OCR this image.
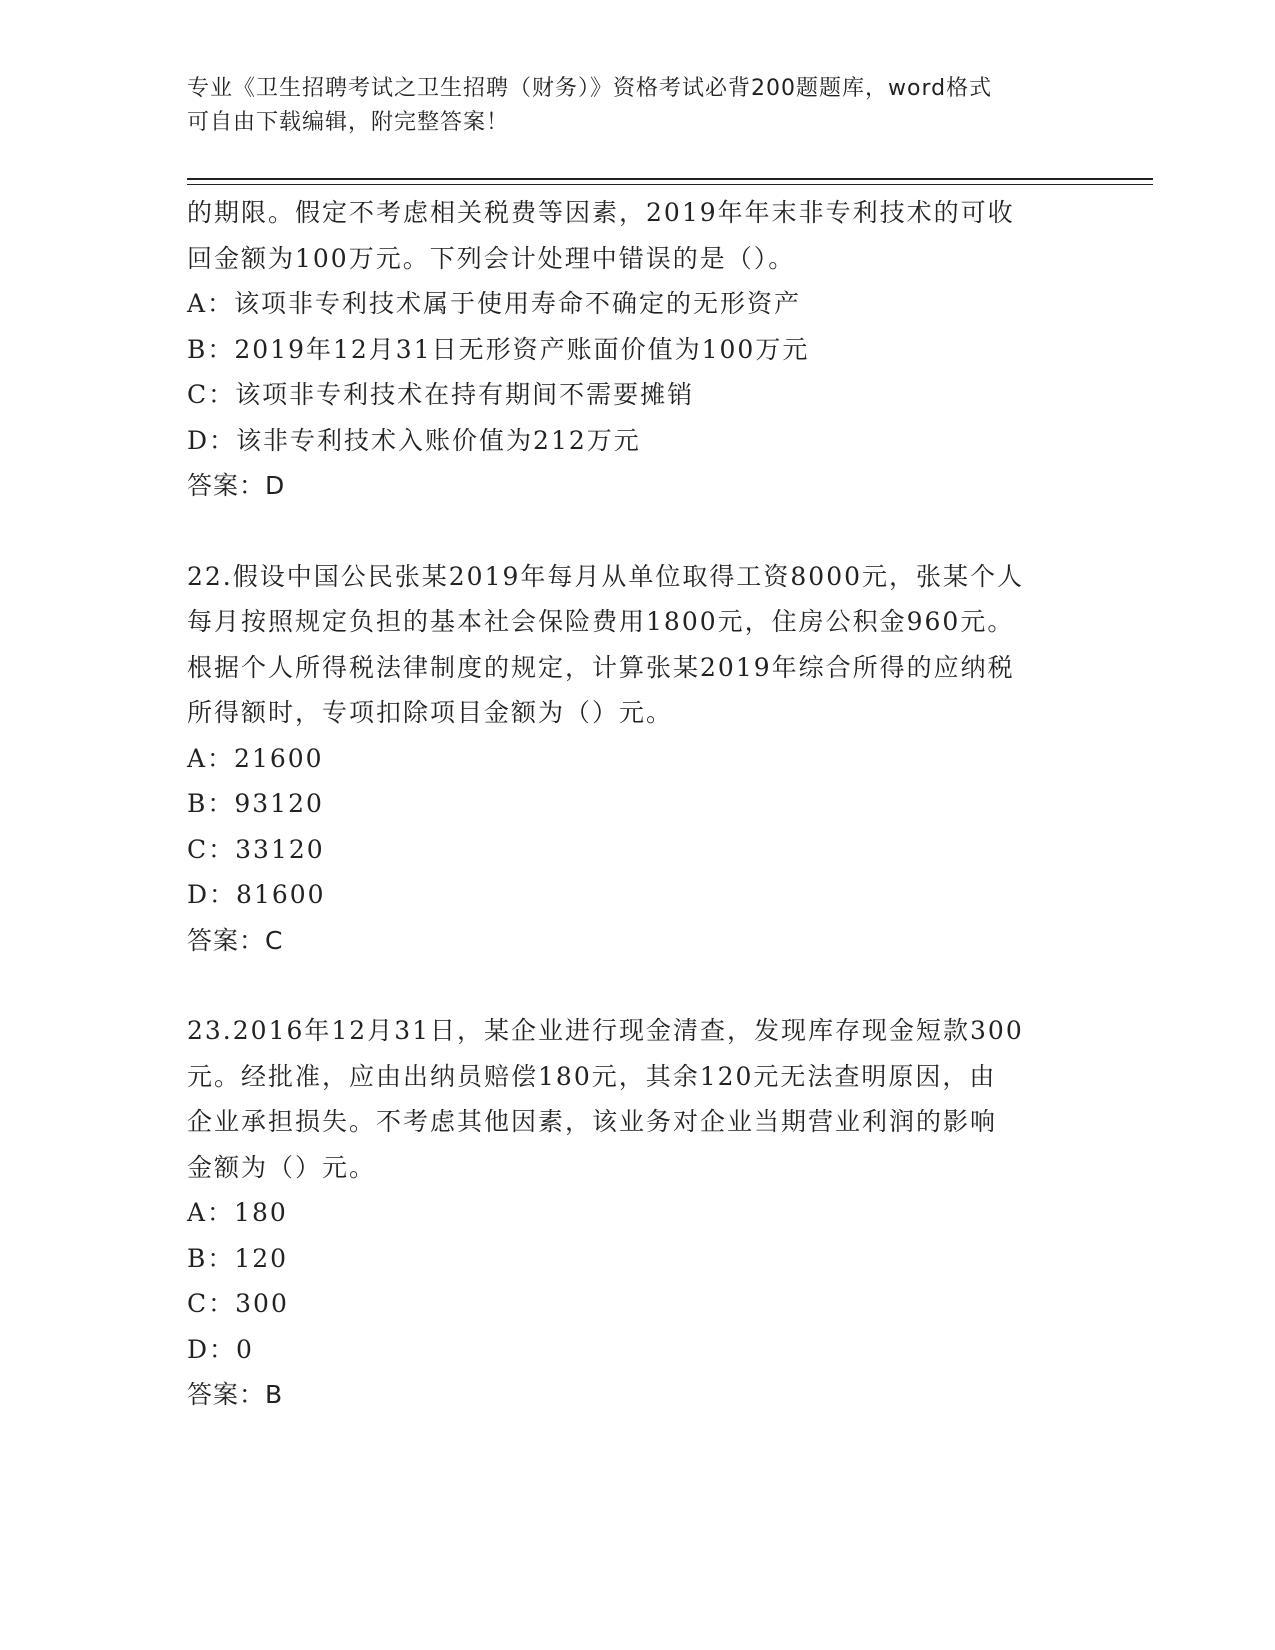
专业《卫生招聘考试之卫生招聘（财务）》资格考试必背200题题库，word格式
可自由下载编辑，附完整答案！
的期限。假定不考虑相关税费等因素，2019年年末非专利技术的可收
回金额为100万元。下列会计处理中错误的是（）。
A：该项非专利技术属于使用寿命不确定的无形资产
B：2019年12月31日无形资产账面价值为100万元
C：该项非专利技术在持有期间不需要摊销
D：该非专利技术入账价值为212万元
答案：D
22.假设中国公民张某2019年每月从单位取得工资8000元，张某个人
每月按照规定负担的基本社会保险费用1800元，住房公积金960元。
根据个人所得税法律制度的规定，计算张某2019年综合所得的应纳税
所得额时，专项扣除项目金额为（）元。
A：21600
B：93120
C：33120
D：81600
答案：C
23.2016年12月31日，某企业进行现金清查，发现库存现金短款300
元。经批准，应由出纳员赔偿180元，其余120元无法查明原因，由
企业承担损失。不考虑其他因素，该业务对企业当期营业利润的影响
金额为（）元。
A：180
B：120
C：300
D：0
答案：B
